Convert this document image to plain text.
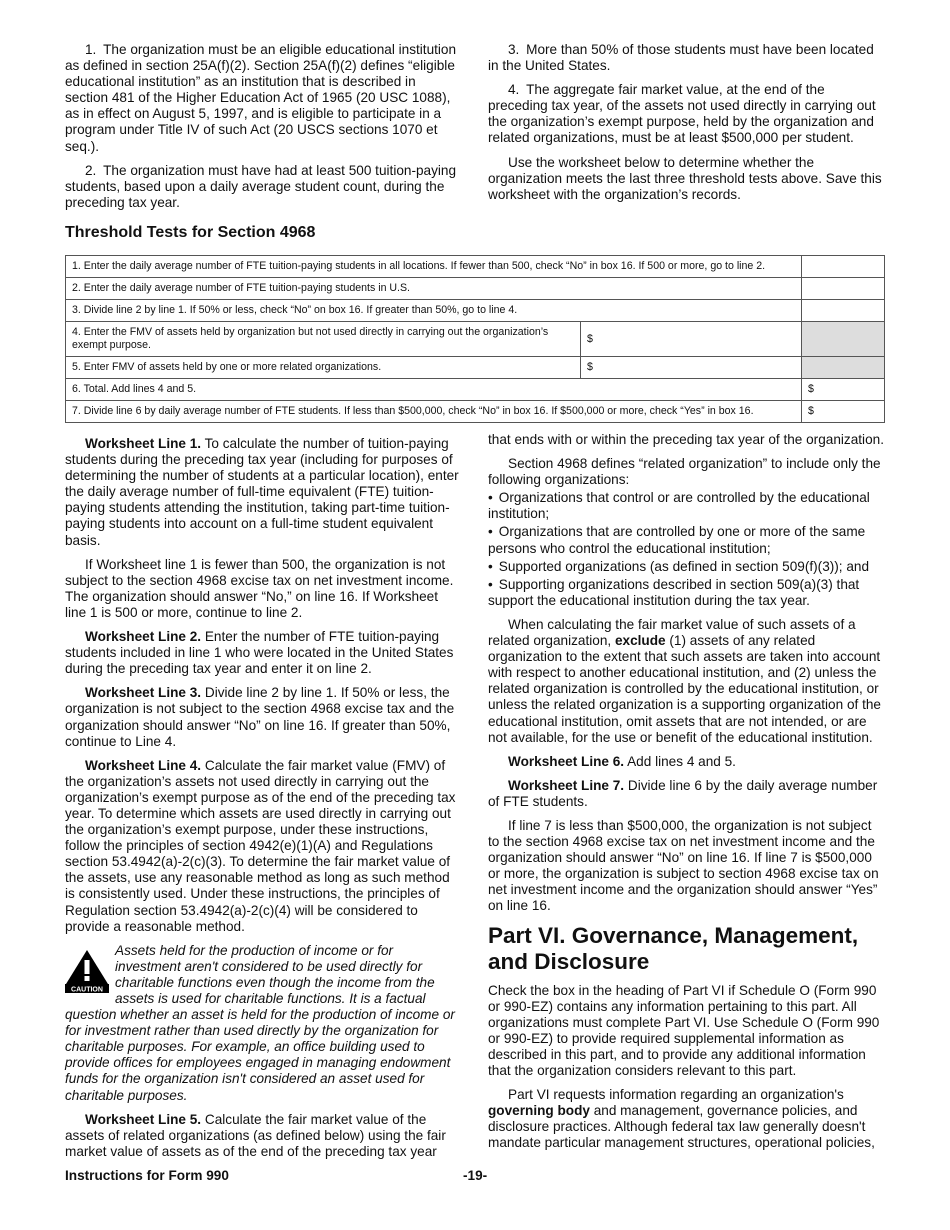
1. The organization must be an eligible educational institution as defined in section 25A(f)(2). Section 25A(f)(2) defines “eligible educational institution” as an institution that is described in section 481 of the Higher Education Act of 1965 (20 USC 1088), as in effect on August 5, 1997, and is eligible to participate in a program under Title IV of such Act (20 USCS sections 1070 et seq.).

2. The organization must have had at least 500 tuition-paying students, based upon a daily average student count, during the preceding tax year.

3. More than 50% of those students must have been located in the United States.

4. The aggregate fair market value, at the end of the preceding tax year, of the assets not used directly in carrying out the organization’s exempt purpose, held by the organization and related organizations, must be at least $500,000 per student.

Use the worksheet below to determine whether the organization meets the last three threshold tests above. Save this worksheet with the organization’s records.

Threshold Tests for Section 4968
1. Enter the daily average number of FTE tuition-paying students in all locations. If fewer than 500, check “No” in box 16. If 500 or more, go to line 2.		
2. Enter the daily average number of FTE tuition-paying students in U.S.		
3. Divide line 2 by line 1. If 50% or less, check “No” on box 16. If greater than 50%, go to line 4.		
4. Enter the FMV of assets held by organization but not used directly in carrying out the organization’s exempt purpose.	$	
5. Enter FMV of assets held by one or more related organizations.	$	
6. Total. Add lines 4 and 5.		$
7. Divide line 6 by daily average number of FTE students. If less than $500,000, check “No” in box 16. If $500,000 or more, check “Yes” in box 16.		$

Worksheet Line 1. To calculate the number of tuition-paying students during the preceding tax year (including for purposes of determining the number of students at a particular location), enter the daily average number of full-time equivalent (FTE) tuition-paying students attending the institution, taking part-time tuition-paying students into account on a full-time student equivalent basis.

If Worksheet line 1 is fewer than 500, the organization is not subject to the section 4968 excise tax on net investment income. The organization should answer “No,” on line 16. If Worksheet line 1 is 500 or more, continue to line 2.

Worksheet Line 2. Enter the number of FTE tuition-paying students included in line 1 who were located in the United States during the preceding tax year and enter it on line 2.

Worksheet Line 3. Divide line 2 by line 1. If 50% or less, the organization is not subject to the section 4968 excise tax and the organization should answer “No” on line 16. If greater than 50%, continue to Line 4.

Worksheet Line 4. Calculate the fair market value (FMV) of the organization’s assets not used directly in carrying out the organization’s exempt purpose as of the end of the preceding tax year. To determine which assets are used directly in carrying out the organization’s exempt purpose, under these instructions, follow the principles of section 4942(e)(1)(A) and Regulations section 53.4942(a)-2(c)(3). To determine the fair market value of the assets, use any reasonable method as long as such method is consistently used. Under these instructions, the principles of Regulation section 53.4942(a)-2(c)(4) will be considered to provide a reasonable method.

CAUTION

Assets held for the production of income or for investment aren't considered to be used directly for charitable functions even though the income from the assets is used for charitable functions. It is a factual question whether an asset is held for the production of income or for investment rather than used directly by the organization for charitable purposes. For example, an office building used to provide offices for employees engaged in managing endowment funds for the organization isn't considered an asset used for charitable purposes.

Worksheet Line 5. Calculate the fair market value of the assets of related organizations (as defined below) using the fair market value of assets as of the end of the preceding tax year

that ends with or within the preceding tax year of the organization.

Section 4968 defines “related organization” to include only the following organizations:

• Organizations that control or are controlled by the educational institution;

• Organizations that are controlled by one or more of the same persons who control the educational institution;

• Supported organizations (as defined in section 509(f)(3)); and

• Supporting organizations described in section 509(a)(3) that support the educational institution during the tax year.

When calculating the fair market value of such assets of a related organization, exclude (1) assets of any related organization to the extent that such assets are taken into account with respect to another educational institution, and (2) unless the related organization is controlled by the educational institution, or unless the related organization is a supporting organization of the educational institution, omit assets that are not intended, or are not available, for the use or benefit of the educational institution.

Worksheet Line 6. Add lines 4 and 5.

Worksheet Line 7. Divide line 6 by the daily average number of FTE students.

If line 7 is less than $500,000, the organization is not subject to the section 4968 excise tax on net investment income and the organization should answer “No” on line 16. If line 7 is $500,000 or more, the organization is subject to section 4968 excise tax on net investment income and the organization should answer “Yes” on line 16.

Part VI. Governance, Management, and Disclosure

Check the box in the heading of Part VI if Schedule O (Form 990 or 990-EZ) contains any information pertaining to this part. All organizations must complete Part VI. Use Schedule O (Form 990 or 990-EZ) to provide required supplemental information as described in this part, and to provide any additional information that the organization considers relevant to this part.

Part VI requests information regarding an organization's governing body and management, governance policies, and disclosure practices. Although federal tax law generally doesn't mandate particular management structures, operational policies,

Instructions for Form 990	-19-
